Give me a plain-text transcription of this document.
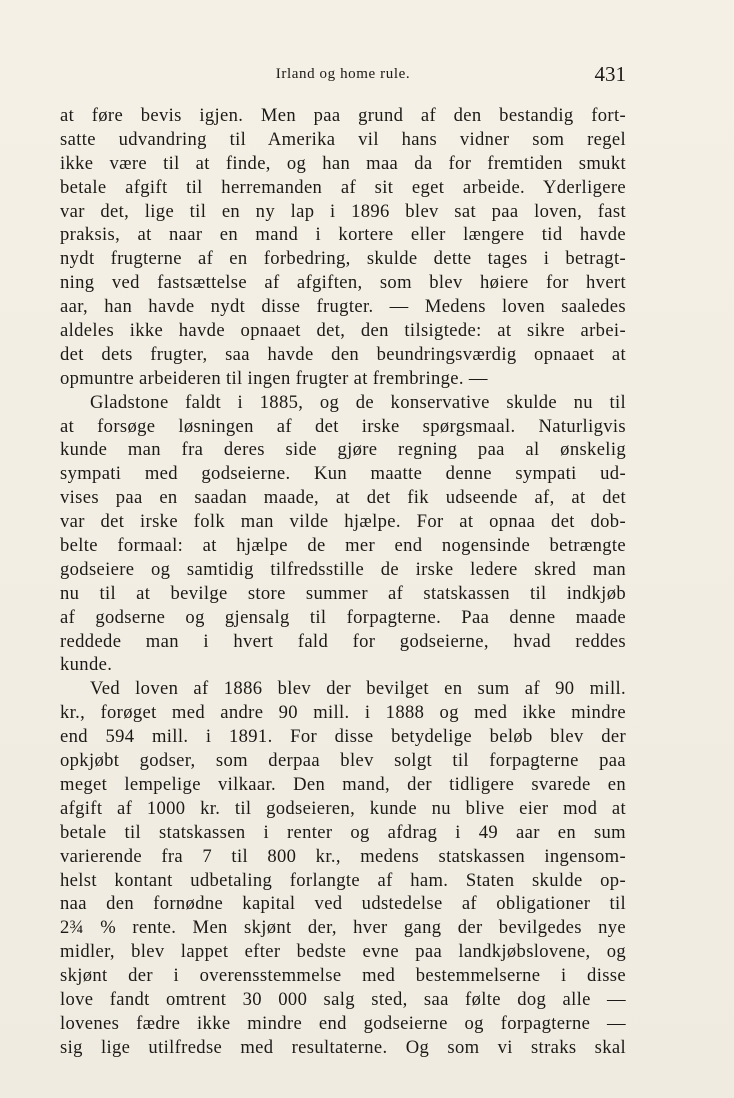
Irland og home rule.	431
at føre bevis igjen. Men paa grund af den bestandig fort-
satte udvandring til Amerika vil hans vidner som regel
ikke være til at finde, og han maa da for fremtiden smukt
betale afgift til herremanden af sit eget arbeide. Yderligere
var det, lige til en ny lap i 1896 blev sat paa loven, fast
praksis, at naar en mand i kortere eller længere tid havde
nydt frugterne af en forbedring, skulde dette tages i betragt-
ning ved fastsættelse af afgiften, som blev høiere for hvert
aar, han havde nydt disse frugter. — Medens loven saaledes
aldeles ikke havde opnaaet det, den tilsigtede: at sikre arbei-
det dets frugter, saa havde den beundringsværdig opnaaet at
opmuntre arbeideren til ingen frugter at frembringe. —
Gladstone faldt i 1885, og de konservative skulde nu til
at forsøge løsningen af det irske spørgsmaal. Naturligvis
kunde man fra deres side gjøre regning paa al ønskelig
sympati med godseierne. Kun maatte denne sympati ud-
vises paa en saadan maade, at det fik udseende af, at det
var det irske folk man vilde hjælpe. For at opnaa det dob-
belte formaal: at hjælpe de mer end nogensinde betrængte
godseiere og samtidig tilfredsstille de irske ledere skred man
nu til at bevilge store summer af statskassen til indkjøb
af godserne og gjensalg til forpagterne. Paa denne maade
reddede man i hvert fald for godseierne, hvad reddes
kunde.
Ved loven af 1886 blev der bevilget en sum af 90 mill.
kr., forøget med andre 90 mill. i 1888 og med ikke mindre
end 594 mill. i 1891. For disse betydelige beløb blev der
opkjøbt godser, som derpaa blev solgt til forpagterne paa
meget lempelige vilkaar. Den mand, der tidligere svarede en
afgift af 1000 kr. til godseieren, kunde nu blive eier mod at
betale til statskassen i renter og afdrag i 49 aar en sum
varierende fra 7 til 800 kr., medens statskassen ingensom-
helst kontant udbetaling forlangte af ham. Staten skulde op-
naa den fornødne kapital ved udstedelse af obligationer til
2¾ % rente. Men skjønt der, hver gang der bevilgedes nye
midler, blev lappet efter bedste evne paa landkjøbslovene, og
skjønt der i overensstemmelse med bestemmelserne i disse
love fandt omtrent 30 000 salg sted, saa følte dog alle —
lovenes fædre ikke mindre end godseierne og forpagterne —
sig lige utilfredse med resultaterne. Og som vi straks skal
